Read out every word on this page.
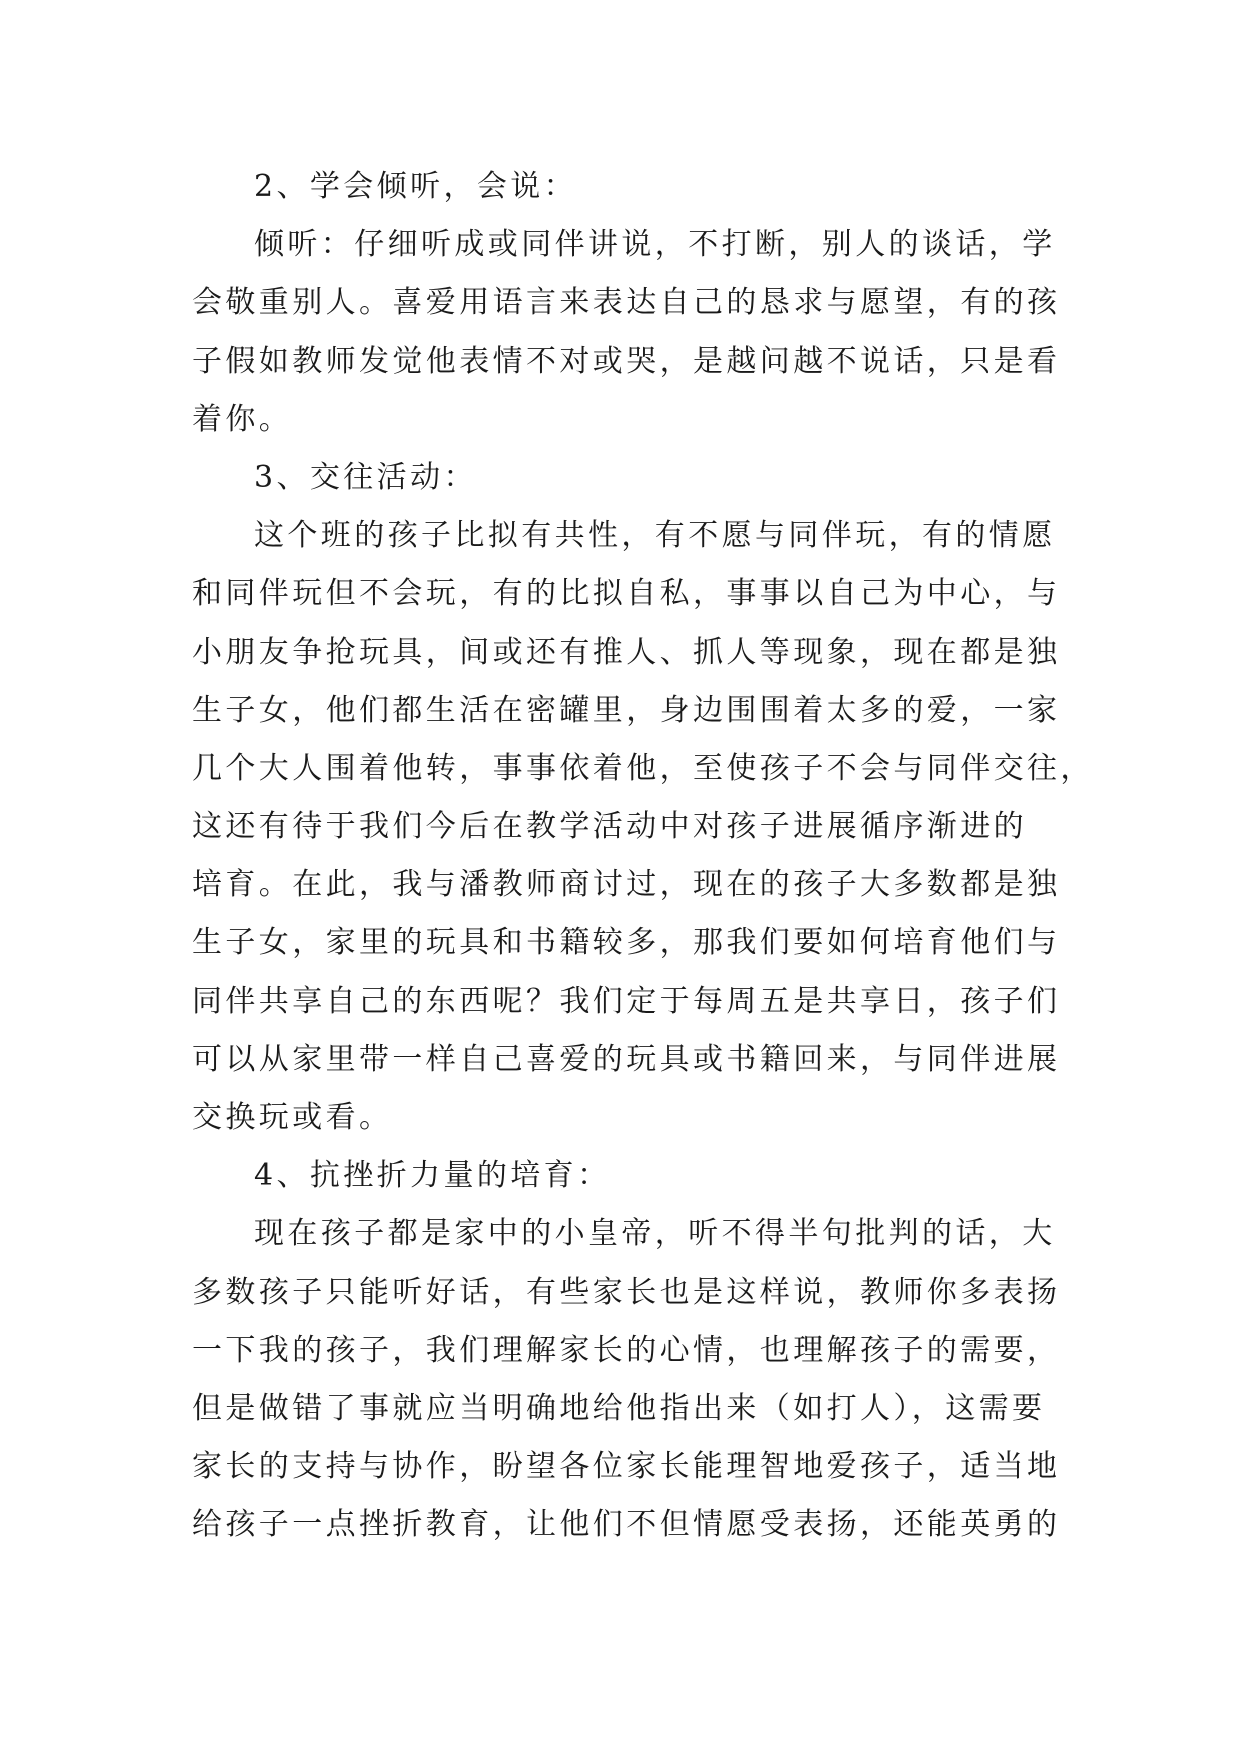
2、学会倾听，会说：
倾听：仔细听成或同伴讲说，不打断，别人的谈话，学
会敬重别人。喜爱用语言来表达自己的恳求与愿望，有的孩
子假如教师发觉他表情不对或哭，是越问越不说话，只是看
着你。
3、交往活动：
这个班的孩子比拟有共性，有不愿与同伴玩，有的情愿
和同伴玩但不会玩，有的比拟自私，事事以自己为中心，与
小朋友争抢玩具，间或还有推人、抓人等现象，现在都是独
生子女，他们都生活在密罐里，身边围围着太多的爱，一家
几个大人围着他转，事事依着他，至使孩子不会与同伴交往，
这还有待于我们今后在教学活动中对孩子进展循序渐进的
培育。在此，我与潘教师商讨过，现在的孩子大多数都是独
生子女，家里的玩具和书籍较多，那我们要如何培育他们与
同伴共享自己的东西呢？我们定于每周五是共享日，孩子们
可以从家里带一样自己喜爱的玩具或书籍回来，与同伴进展
交换玩或看。
4、抗挫折力量的培育：
现在孩子都是家中的小皇帝，听不得半句批判的话，大
多数孩子只能听好话，有些家长也是这样说，教师你多表扬
一下我的孩子，我们理解家长的心情，也理解孩子的需要，
但是做错了事就应当明确地给他指出来（如打人），这需要
家长的支持与协作，盼望各位家长能理智地爱孩子，适当地
给孩子一点挫折教育，让他们不但情愿受表扬，还能英勇的
